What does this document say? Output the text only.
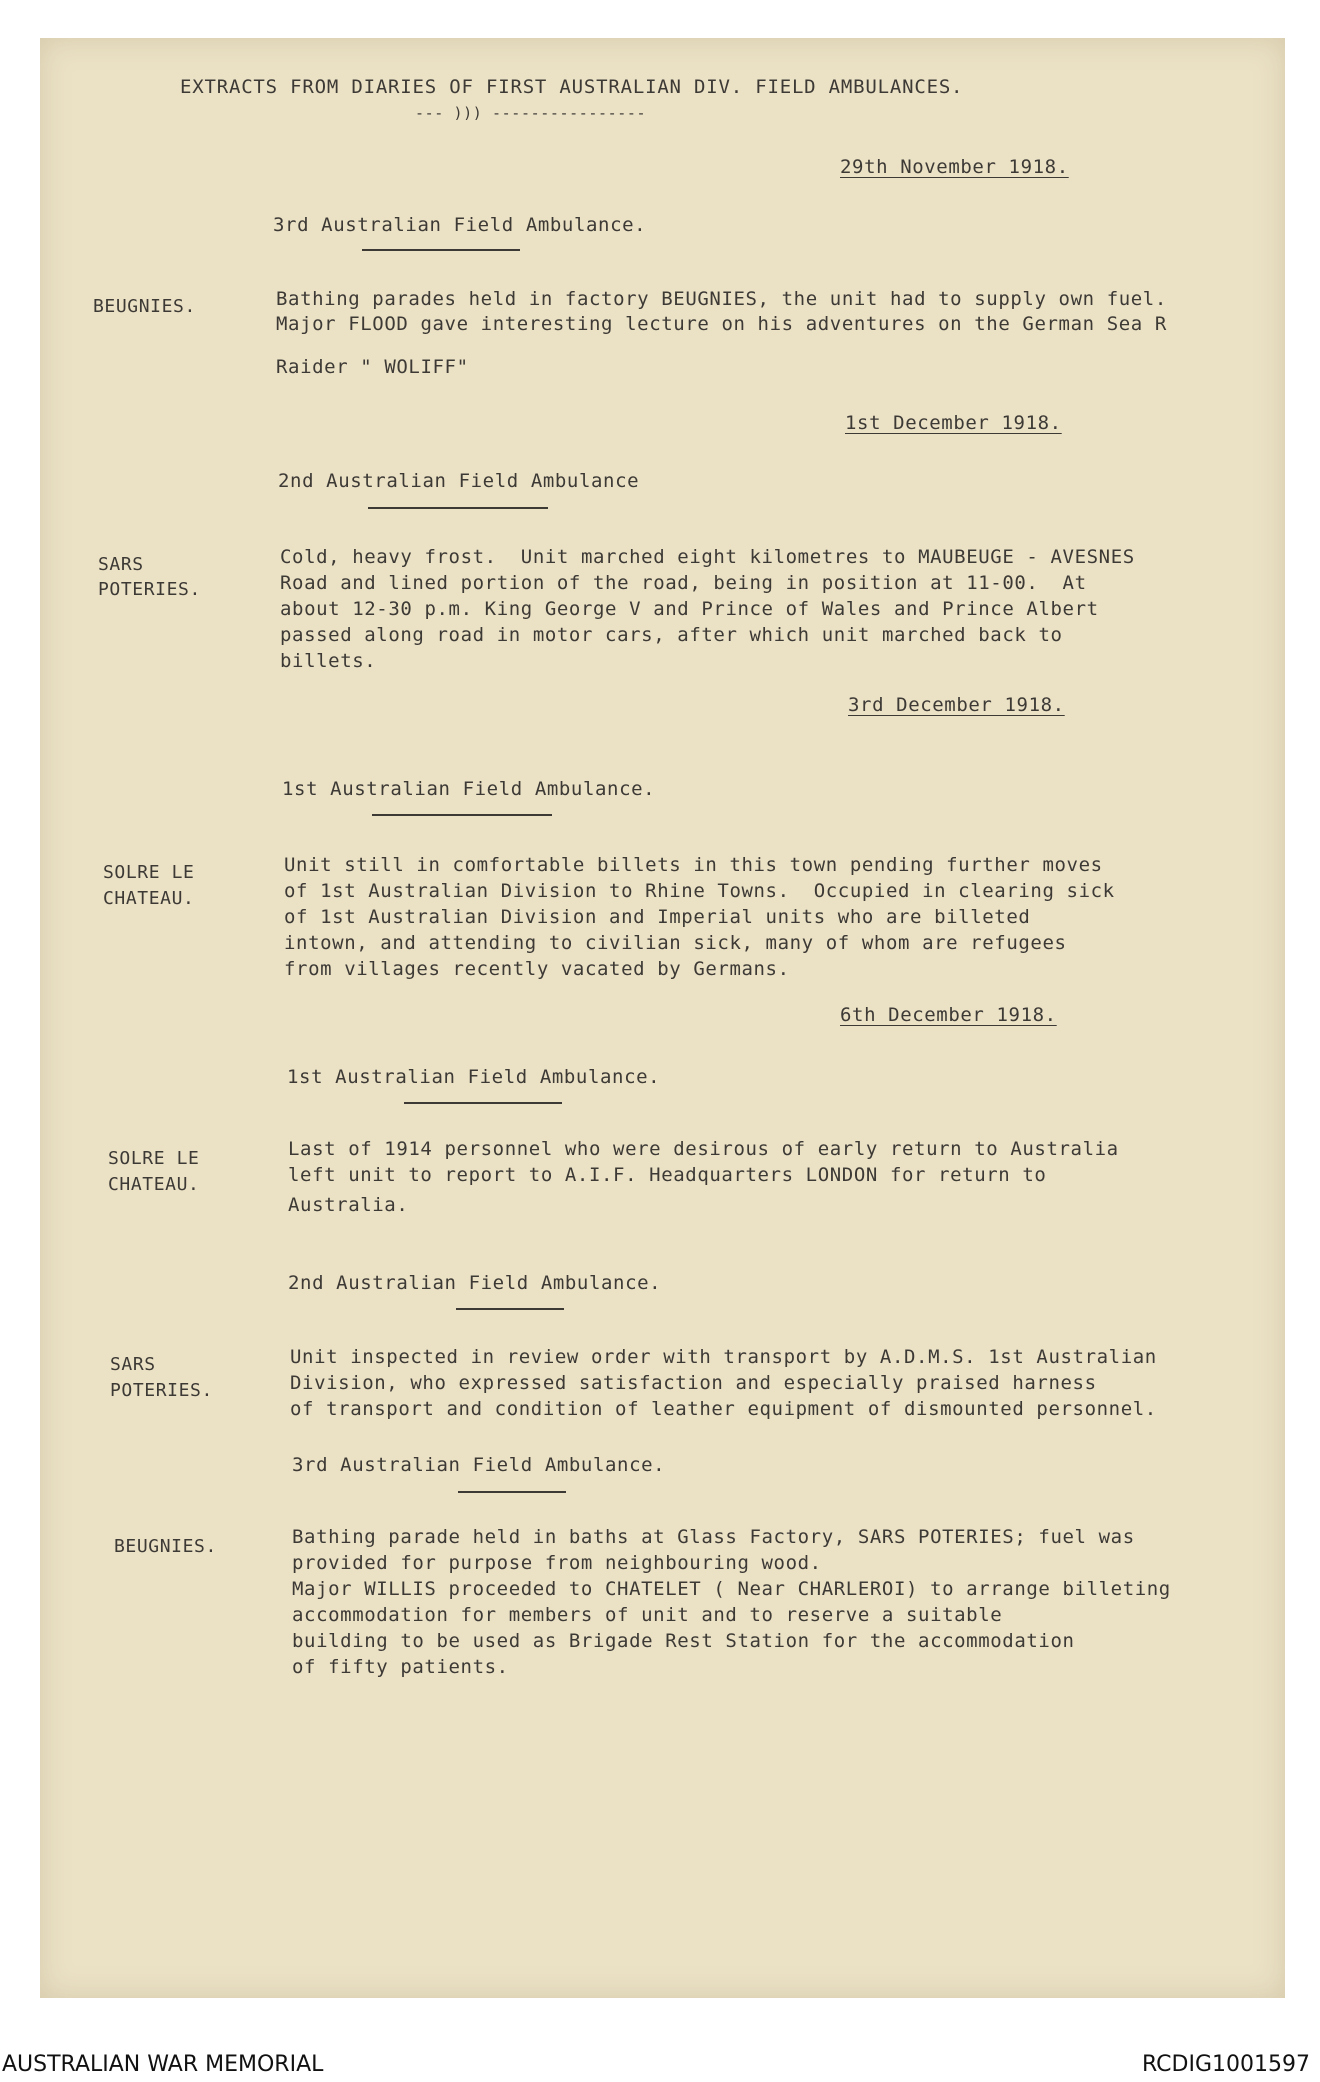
EXTRACTS FROM DIARIES OF FIRST AUSTRALIAN DIV. FIELD AMBULANCES.
--- ))) ----------------
29th November 1918.
3rd Australian Field Ambulance.
BEUGNIES.	Bathing parades held in factory BEUGNIES, the unit had to supply own fuel.
Major FLOOD gave interesting lecture on his adventures on the German Sea R
Raider " WOLIFF"
1st December 1918.
2nd Australian Field Ambulance
SARS
POTERIES.
Cold, heavy frost.  Unit marched eight kilometres to MAUBEUGE - AVESNES
Road and lined portion of the road, being in position at 11-00.  At
about 12-30 p.m. King George V and Prince of Wales and Prince Albert
passed along road in motor cars, after which unit marched back to
billets.
3rd December 1918.
1st Australian Field Ambulance.
SOLRE LE
CHATEAU.
Unit still in comfortable billets in this town pending further moves
of 1st Australian Division to Rhine Towns.  Occupied in clearing sick
of 1st Australian Division and Imperial units who are billeted
intown, and attending to civilian sick, many of whom are refugees
from villages recently vacated by Germans.
6th December 1918.
1st Australian Field Ambulance.
SOLRE LE
CHATEAU.
Last of 1914 personnel who were desirous of early return to Australia
left unit to report to A.I.F. Headquarters LONDON for return to
Australia.
2nd Australian Field Ambulance.
SARS
POTERIES.
Unit inspected in review order with transport by A.D.M.S. 1st Australian
Division, who expressed satisfaction and especially praised harness
of transport and condition of leather equipment of dismounted personnel.
3rd Australian Field Ambulance.
BEUGNIES.	Bathing parade held in baths at Glass Factory, SARS POTERIES; fuel was
provided for purpose from neighbouring wood.
Major WILLIS proceeded to CHATELET ( Near CHARLEROI) to arrange billeting
accommodation for members of unit and to reserve a suitable
building to be used as Brigade Rest Station for the accommodation
of fifty patients.
AUSTRALIAN WAR MEMORIAL	RCDIG1001597
